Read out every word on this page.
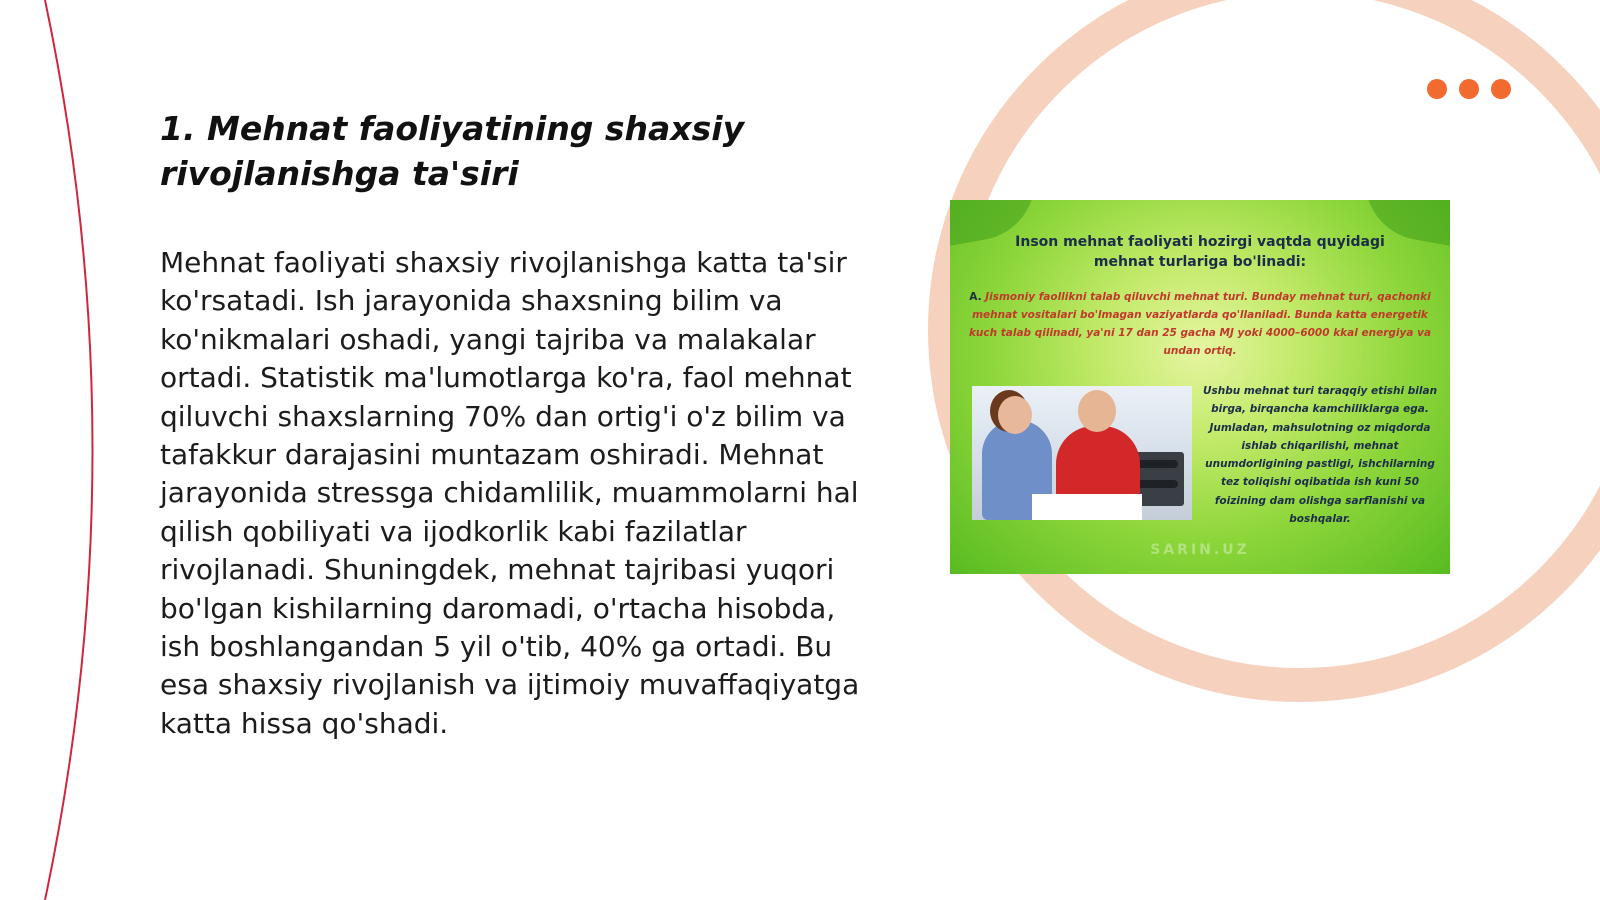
1. Mehnat faoliyatining shaxsiy rivojlanishga ta'siri

Mehnat faoliyati shaxsiy rivojlanishga katta ta'sir ko'rsatadi. Ish jarayonida shaxsning bilim va ko'nikmalari oshadi, yangi tajriba va malakalar ortadi. Statistik ma'lumotlarga ko'ra, faol mehnat qiluvchi shaxslarning 70% dan ortig'i o'z bilim va tafakkur darajasini muntazam oshiradi. Mehnat jarayonida stressga chidamlilik, muammolarni hal qilish qobiliyati va ijodkorlik kabi fazilatlar rivojlanadi. Shuningdek, mehnat tajribasi yuqori bo'lgan kishilarning daromadi, o'rtacha hisobda, ish boshlangandan 5 yil o'tib, 40% ga ortadi. Bu esa shaxsiy rivojlanish va ijtimoiy muvaffaqiyatga katta hissa qo'shadi.

Inson mehnat faoliyati hozirgi vaqtda quyidagi mehnat turlariga bo'linadi:
A. Jismoniy faollikni talab qiluvchi mehnat turi. Bunday mehnat turi, qachonki mehnat vositalari bo'lmagan vaziyatlarda qo'llaniladi. Bunda katta energetik kuch talab qilinadi, ya'ni 17 dan 25 gacha MJ yoki 4000–6000 kkal energiya va undan ortiq.
Ushbu mehnat turi taraqqiy etishi bilan birga, birqancha kamchiliklarga ega. Jumladan, mahsulotning oz miqdorda ishlab chiqarilishi, mehnat unumdorligining pastligi, ishchilarning tez toliqishi oqibatida ish kuni 50 foizining dam olishga sarflanishi va boshqalar.
SARIN.UZ
